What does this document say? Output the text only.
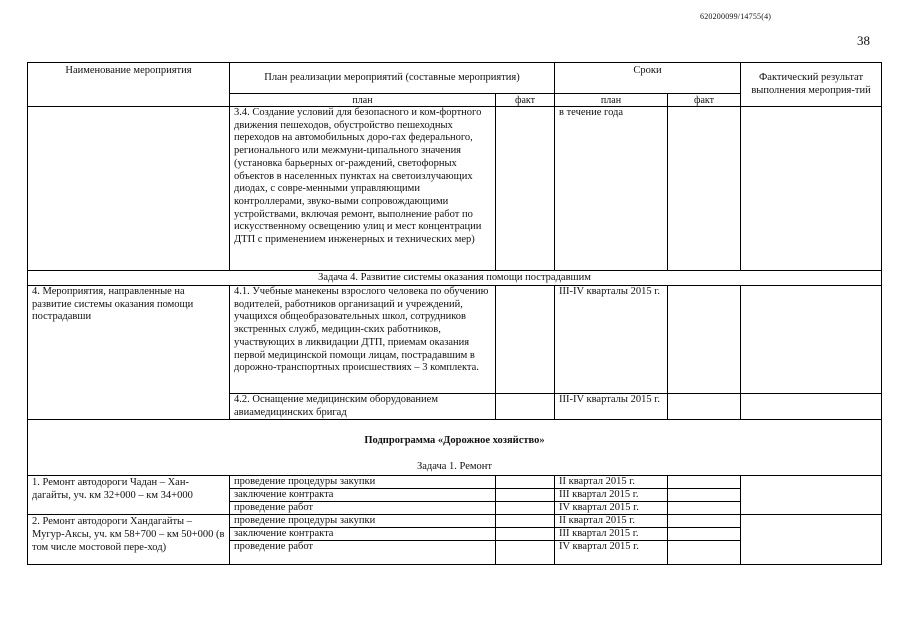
620200099/14755(4)
38
Наименование мероприятия	План реализации мероприятий (составные мероприятия)		Сроки		Фактический результат выполнения мероприя-тий
	план	факт	план	факт	
	3.4. Создание условий для безопасного и ком-фортного движения пешеходов, обустройство пешеходных переходов на автомобильных доро-гах федерального, регионального или межмуни-ципального значения (установка барьерных ог-раждений, светофорных объектов в населенных пунктах на светоизлучающих диодах, с совре-менными управляющими контроллерами, звуко-выми сопровождающими устройствами, включая ремонт, выполнение работ по искусственному освещению улиц и мест концентрации ДТП с применением инженерных и технических мер)		в течение года		
Задача 4. Развитие системы оказания помощи пострадавшим					
4. Мероприятия, направленные на развитие системы оказания помощи пострадавши	4.1. Учебные манекены взрослого человека по обучению водителей, работников организаций и учреждений, учащихся общеобразовательных школ, сотрудников экстренных служб, медицин-ских работников, участвующих в ликвидации ДТП, приемам оказания первой медицинской помощи лицам, пострадавшим в дорожно-транспортных происшествиях – 3 комплекта.		III-IV кварталы 2015 г.		
	4.2. Оснащение медицинским оборудованием авиамедицинских бригад		III-IV кварталы 2015 г.		

Подпрограмма «Дорожное хозяйство»
Задача 1. Ремонт					

1. Ремонт автодороги Чадан – Хан-дагайты, уч. км 32+000 – км 34+000	проведение процедуры закупки		II квартал 2015 г.		
	заключение контракта		III квартал 2015 г.		
	проведение работ		IV квартал 2015 г.		
2. Ремонт автодороги Хандагайты – Мугур-Аксы, уч. км 58+700 – км 50+000 (в том числе мостовой пере-ход)	проведение процедуры закупки		II квартал 2015 г.		
	заключение контракта		III квартал 2015 г.		
	проведение работ		IV квартал 2015 г.		
